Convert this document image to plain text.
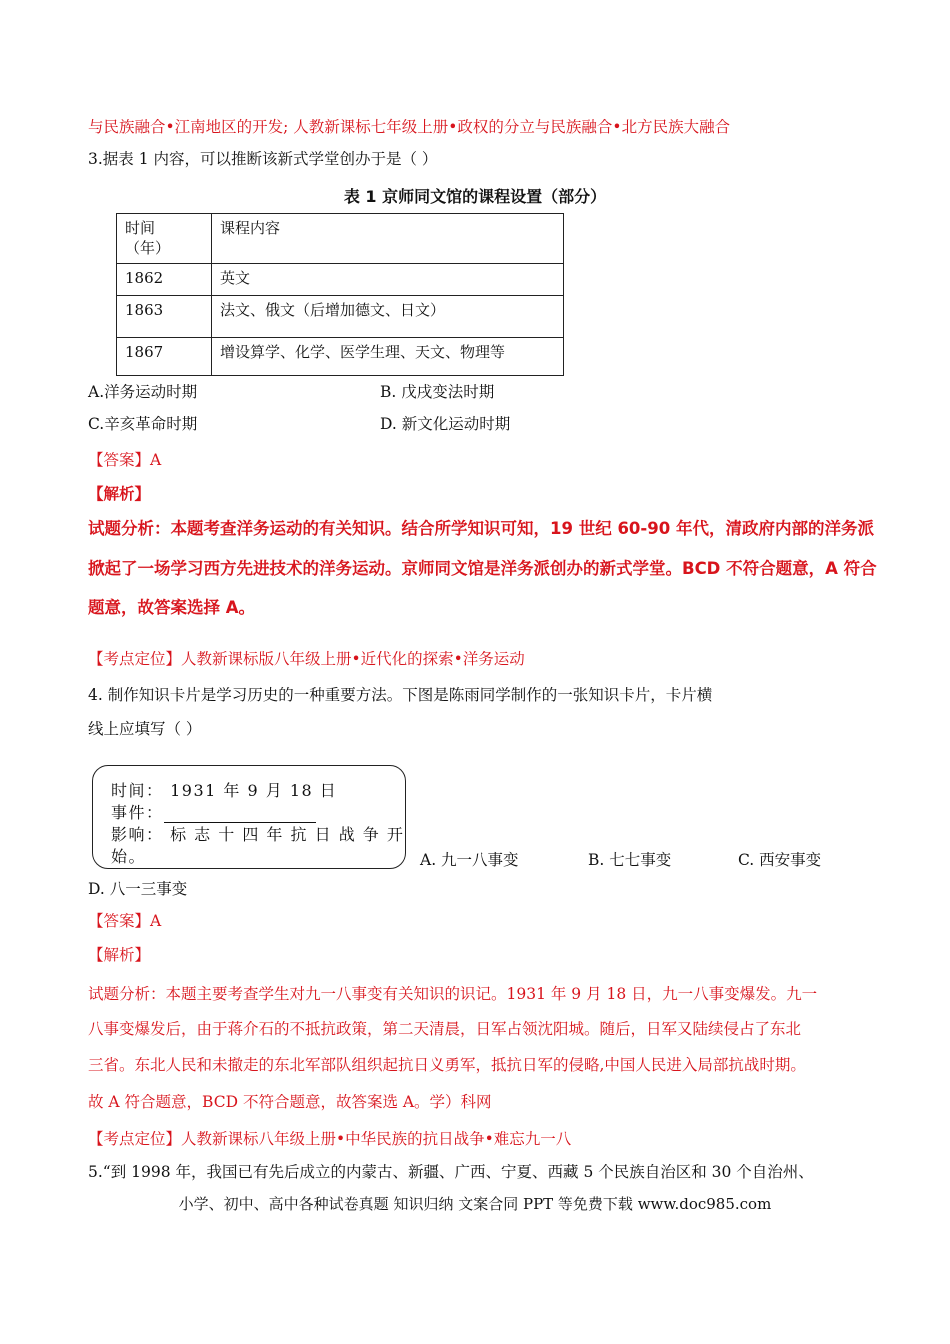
与民族融合•江南地区的开发; 人教新课标七年级上册•政权的分立与民族融合•北方民族大融合
3.据表 1 内容，可以推断该新式学堂创办于是（ ）
表 1 京师同文馆的课程设置（部分）
时间
（年）	课程内容
1862	英文
1863	法文、俄文（后增加德文、日文）
1867	增设算学、化学、医学生理、天文、物理等
A.洋务运动时期	B. 戊戌变法时期
C.辛亥革命时期	D. 新文化运动时期
【答案】A
【解析】
试题分析：本题考查洋务运动的有关知识。结合所学知识可知，19 世纪 60-90 年代，清政府内部的洋务派
掀起了一场学习西方先进技术的洋务运动。京师同文馆是洋务派创办的新式学堂。BCD 不符合题意，A 符合
题意，故答案选择 A。
【考点定位】人教新课标版八年级上册•近代化的探索•洋务运动
4. 制作知识卡片是学习历史的一种重要方法。下图是陈雨同学制作的一张知识卡片，卡片横
线上应填写（ ）
时间： 1931 年 9 月 18 日
事件：
影响： 标 志 十 四 年 抗 日 战 争 开
始。	A. 九一八事变	B. 七七事变	C. 西安事变
D. 八一三事变
【答案】A
【解析】
试题分析：本题主要考查学生对九一八事变有关知识的识记。1931 年 9 月 18 日，九一八事变爆发。九一
八事变爆发后，由于蒋介石的不抵抗政策，第二天清晨，日军占领沈阳城。随后，日军又陆续侵占了东北
三省。东北人民和未撤走的东北军部队组织起抗日义勇军，抵抗日军的侵略,中国人民进入局部抗战时期。
故 A 符合题意，BCD 不符合题意，故答案选 A。学）科网
【考点定位】人教新课标八年级上册•中华民族的抗日战争•难忘九一八
5.“到 1998 年，我国已有先后成立的内蒙古、新疆、广西、宁夏、西藏 5 个民族自治区和 30 个自治州、
小学、初中、高中各种试卷真题 知识归纳 文案合同 PPT 等免费下载 www.doc985.com
